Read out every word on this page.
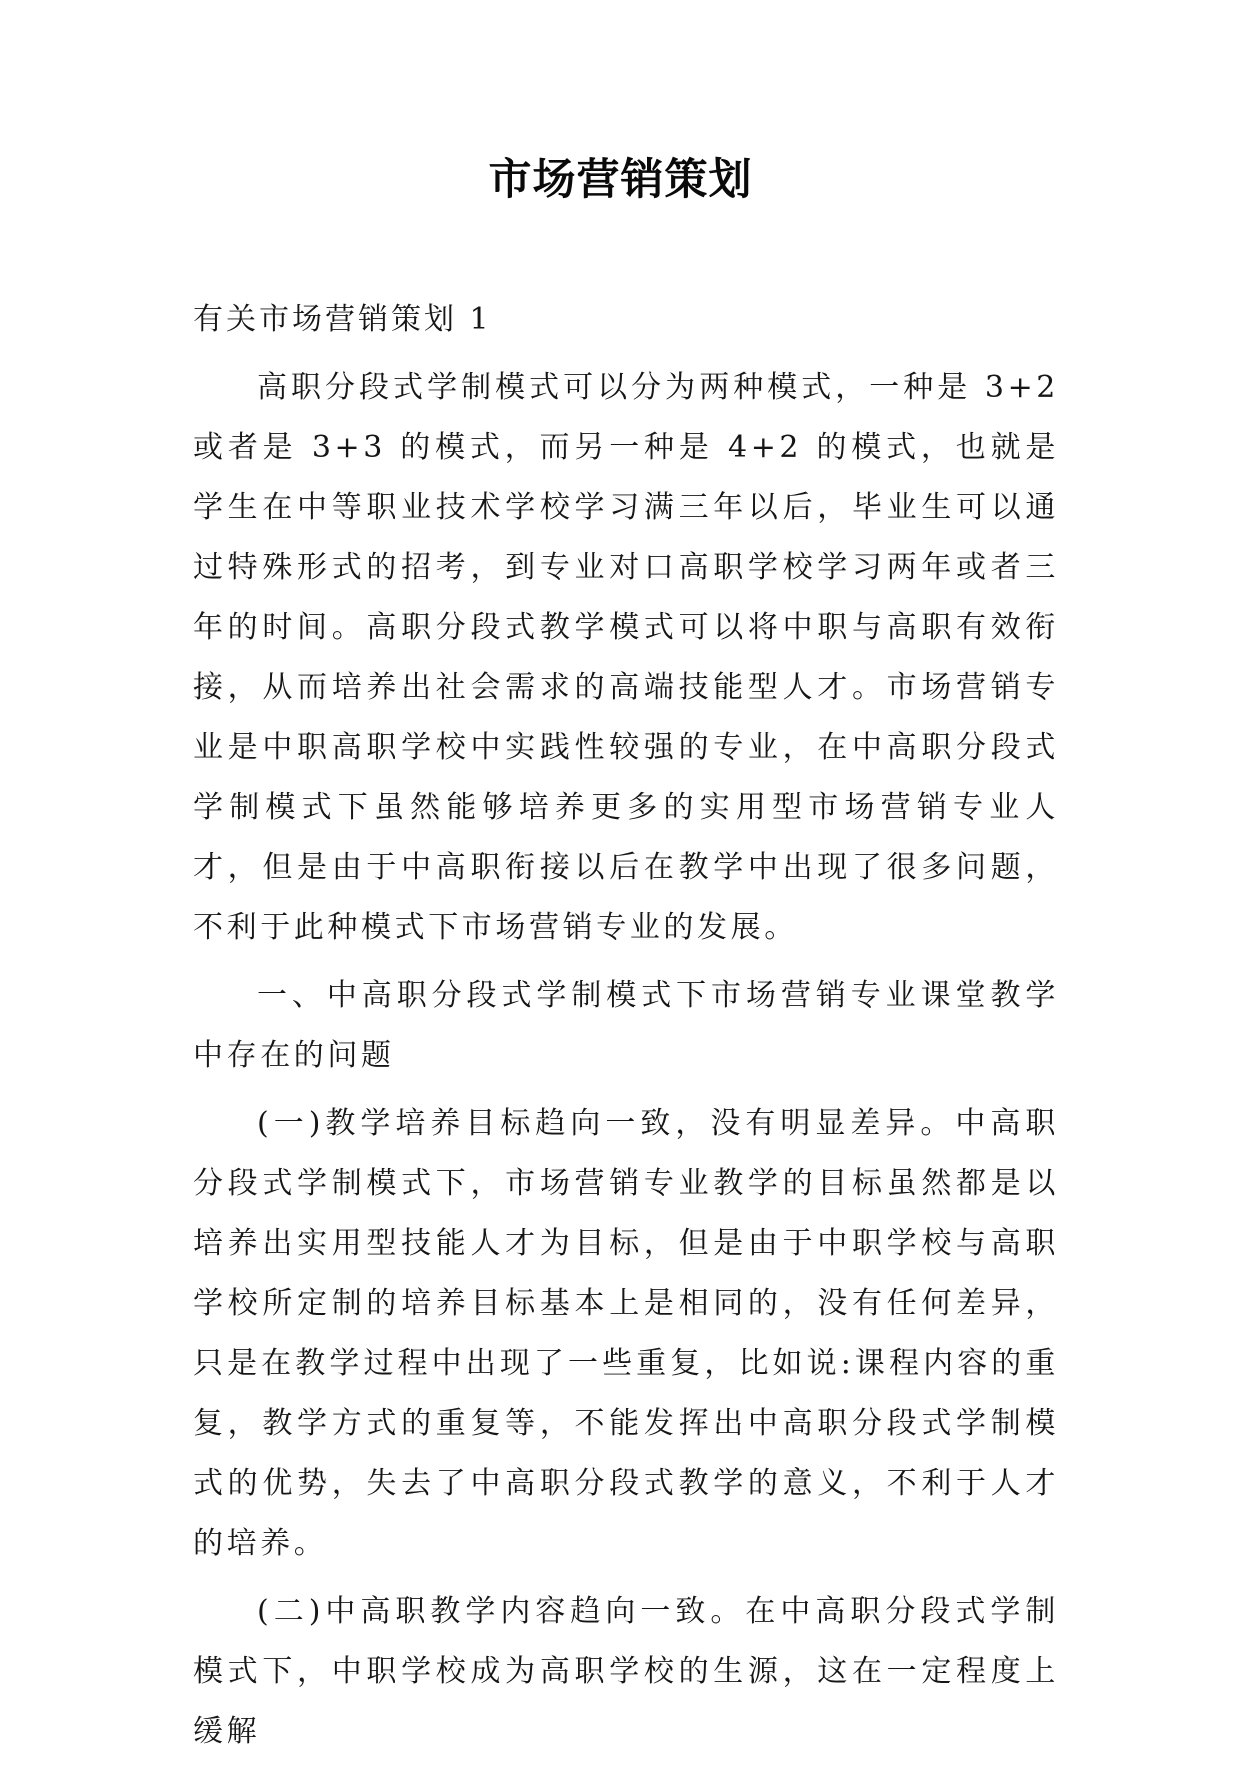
市场营销策划

有关市场营销策划 1

高职分段式学制模式可以分为两种模式，一种是 3+2 或者是 3+3 的模式，而另一种是 4+2 的模式，也就是学生在中等职业技术学校学习满三年以后，毕业生可以通过特殊形式的招考，到专业对口高职学校学习两年或者三年的时间。高职分段式教学模式可以将中职与高职有效衔接，从而培养出社会需求的高端技能型人才。市场营销专业是中职高职学校中实践性较强的专业，在中高职分段式学制模式下虽然能够培养更多的实用型市场营销专业人才，但是由于中高职衔接以后在教学中出现了很多问题，不利于此种模式下市场营销专业的发展。

一、中高职分段式学制模式下市场营销专业课堂教学中存在的问题

(一)教学培养目标趋向一致，没有明显差异。中高职分段式学制模式下，市场营销专业教学的目标虽然都是以培养出实用型技能人才为目标，但是由于中职学校与高职学校所定制的培养目标基本上是相同的，没有任何差异，只是在教学过程中出现了一些重复，比如说:课程内容的重复，教学方式的重复等，不能发挥出中高职分段式学制模式的优势，失去了中高职分段式教学的意义，不利于人才的培养。

(二)中高职教学内容趋向一致。在中高职分段式学制模式下，中职学校成为高职学校的生源，这在一定程度上缓解
